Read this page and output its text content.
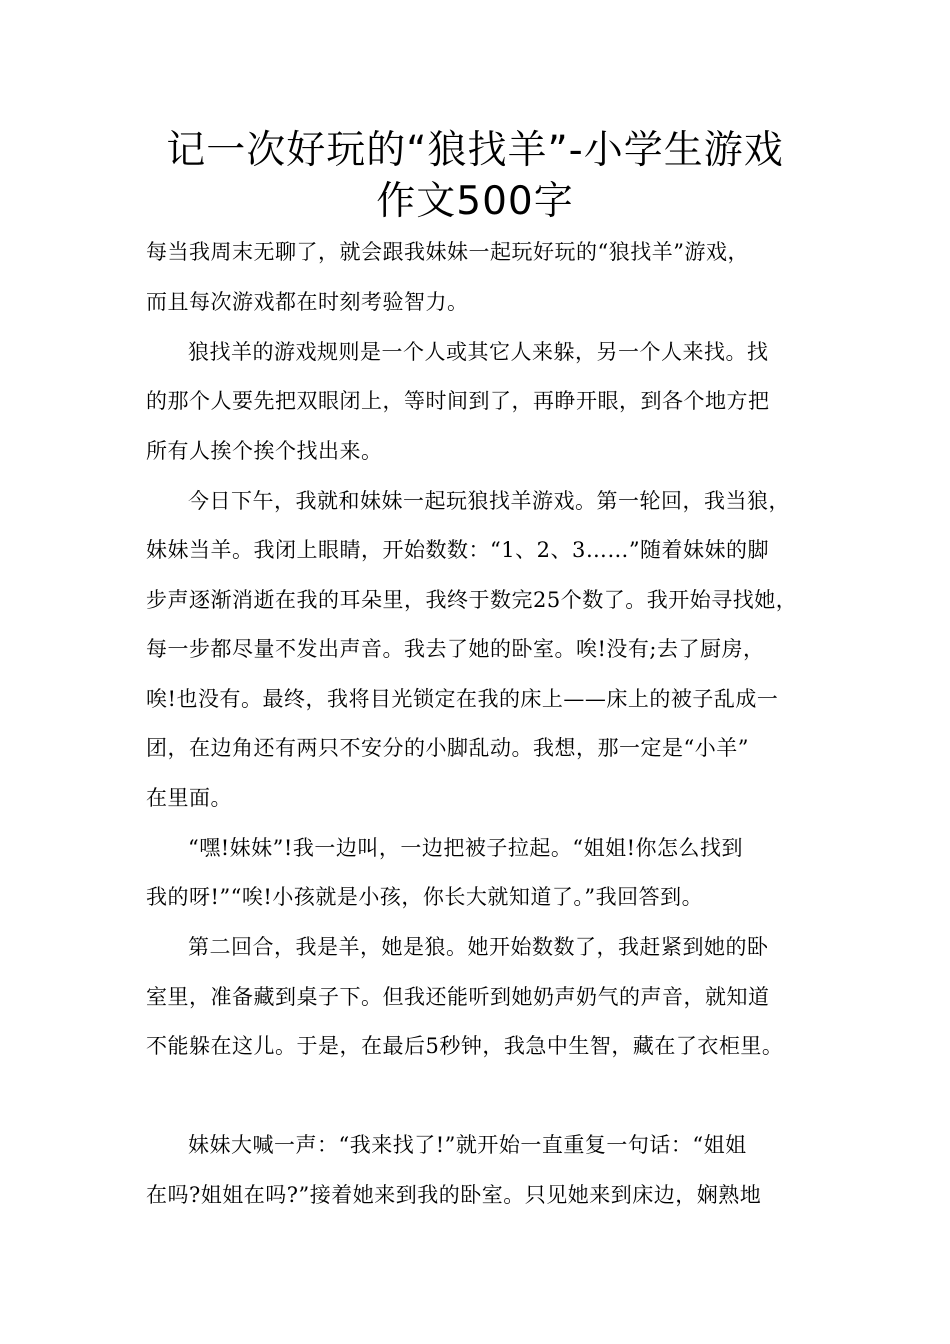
记一次好玩的“狼找羊”-小学生游戏
作文500字
每当我周末无聊了，就会跟我妹妹一起玩好玩的“狼找羊”游戏，
而且每次游戏都在时刻考验智力。
狼找羊的游戏规则是一个人或其它人来躲，另一个人来找。找
的那个人要先把双眼闭上，等时间到了，再睁开眼，到各个地方把
所有人挨个挨个找出来。
今日下午，我就和妹妹一起玩狼找羊游戏。第一轮回，我当狼，
妹妹当羊。我闭上眼睛，开始数数：“1、2、3……”随着妹妹的脚
步声逐渐消逝在我的耳朵里，我终于数完25个数了。我开始寻找她，
每一步都尽量不发出声音。我去了她的卧室。唉!没有;去了厨房，
唉!也没有。最终，我将目光锁定在我的床上——床上的被子乱成一
团，在边角还有两只不安分的小脚乱动。我想，那一定是“小羊”
在里面。
“嘿!妹妹”!我一边叫，一边把被子拉起。“姐姐!你怎么找到
我的呀!”“唉!小孩就是小孩，你长大就知道了。”我回答到。
第二回合，我是羊，她是狼。她开始数数了，我赶紧到她的卧
室里，准备藏到桌子下。但我还能听到她奶声奶气的声音，就知道
不能躲在这儿。于是，在最后5秒钟，我急中生智，藏在了衣柜里。
妹妹大喊一声：“我来找了!”就开始一直重复一句话：“姐姐
在吗?姐姐在吗?”接着她来到我的卧室。只见她来到床边，娴熟地
